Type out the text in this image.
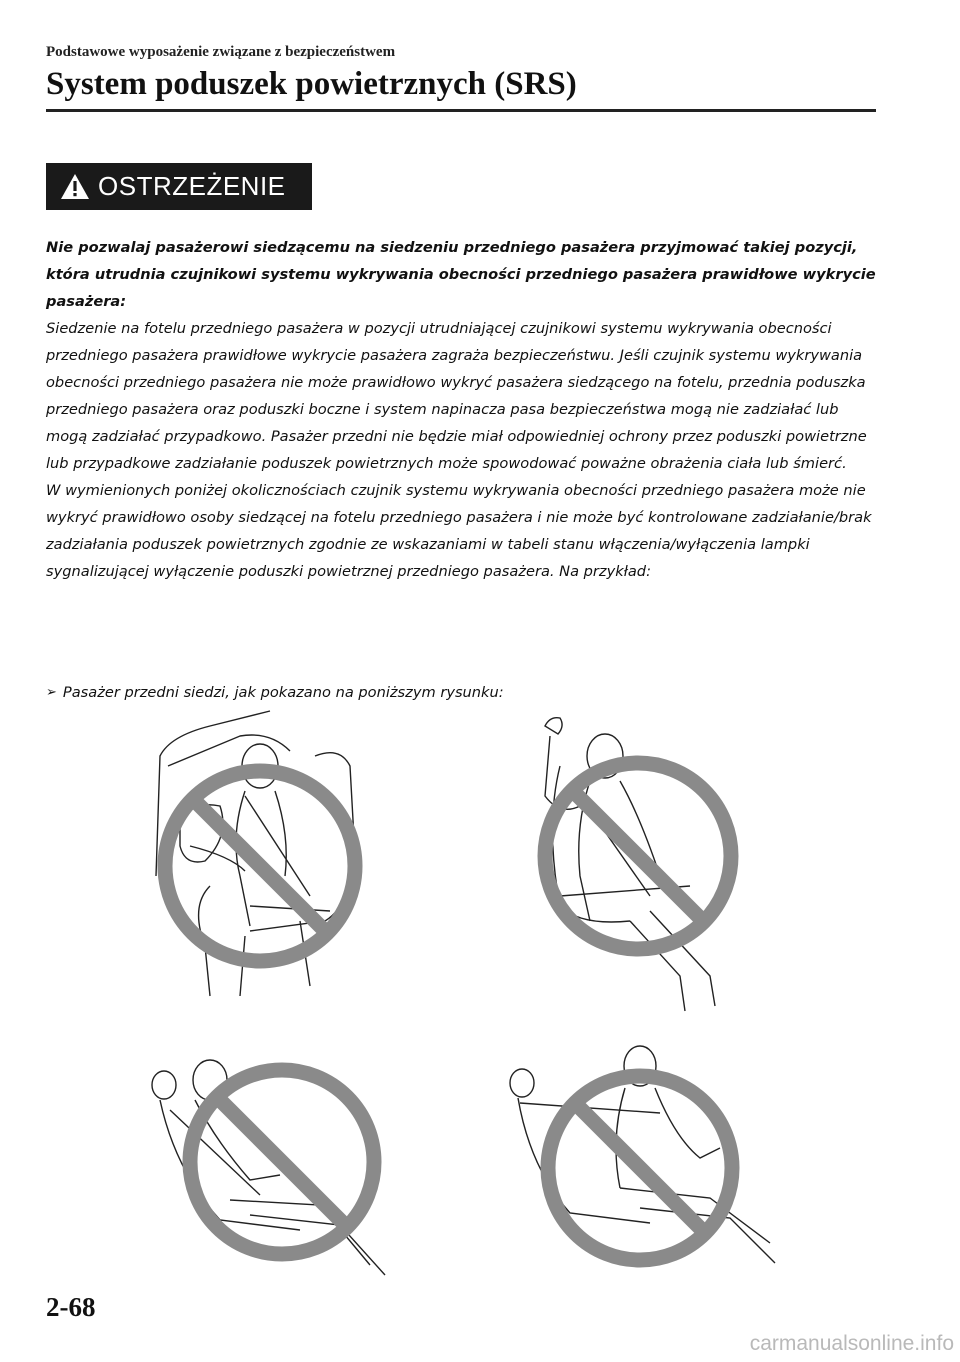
Podstawowe wyposażenie związane z bezpieczeństwem
System poduszek powietrznych (SRS)
OSTRZEŻENIE

Nie pozwalaj pasażerowi siedzącemu na siedzeniu przedniego pasażera przyjmować takiej pozycji, która utrudnia czujnikowi systemu wykrywania obecności przedniego pasażera prawidłowe wykrycie pasażera:

Siedzenie na fotelu przedniego pasażera w pozycji utrudniającej czujnikowi systemu wykrywania obecności przedniego pasażera prawidłowe wykrycie pasażera zagraża bezpieczeństwu. Jeśli czujnik systemu wykrywania obecności przedniego pasażera nie może prawidłowo wykryć pasażera siedzącego na fotelu, przednia poduszka przedniego pasażera oraz poduszki boczne i system napinacza pasa bezpieczeństwa mogą nie zadziałać lub mogą zadziałać przypadkowo. Pasażer przedni nie będzie miał odpowiedniej ochrony przez poduszki powietrzne lub przypadkowe zadziałanie poduszek powietrznych może spowodować poważne obrażenia ciała lub śmierć.

W wymienionych poniżej okolicznościach czujnik systemu wykrywania obecności przedniego pasażera może nie wykryć prawidłowo osoby siedzącej na fotelu przedniego pasażera i nie może być kontrolowane zadziałanie/brak zadziałania poduszek powietrznych zgodnie ze wskazaniami w tabeli stanu włączenia/wyłączenia lampki sygnalizującej wyłączenie poduszki powietrznej przedniego pasażera. Na przykład:

➢ Pasażer przedni siedzi, jak pokazano na poniższym rysunku:
2-68
carmanualsonline.info
